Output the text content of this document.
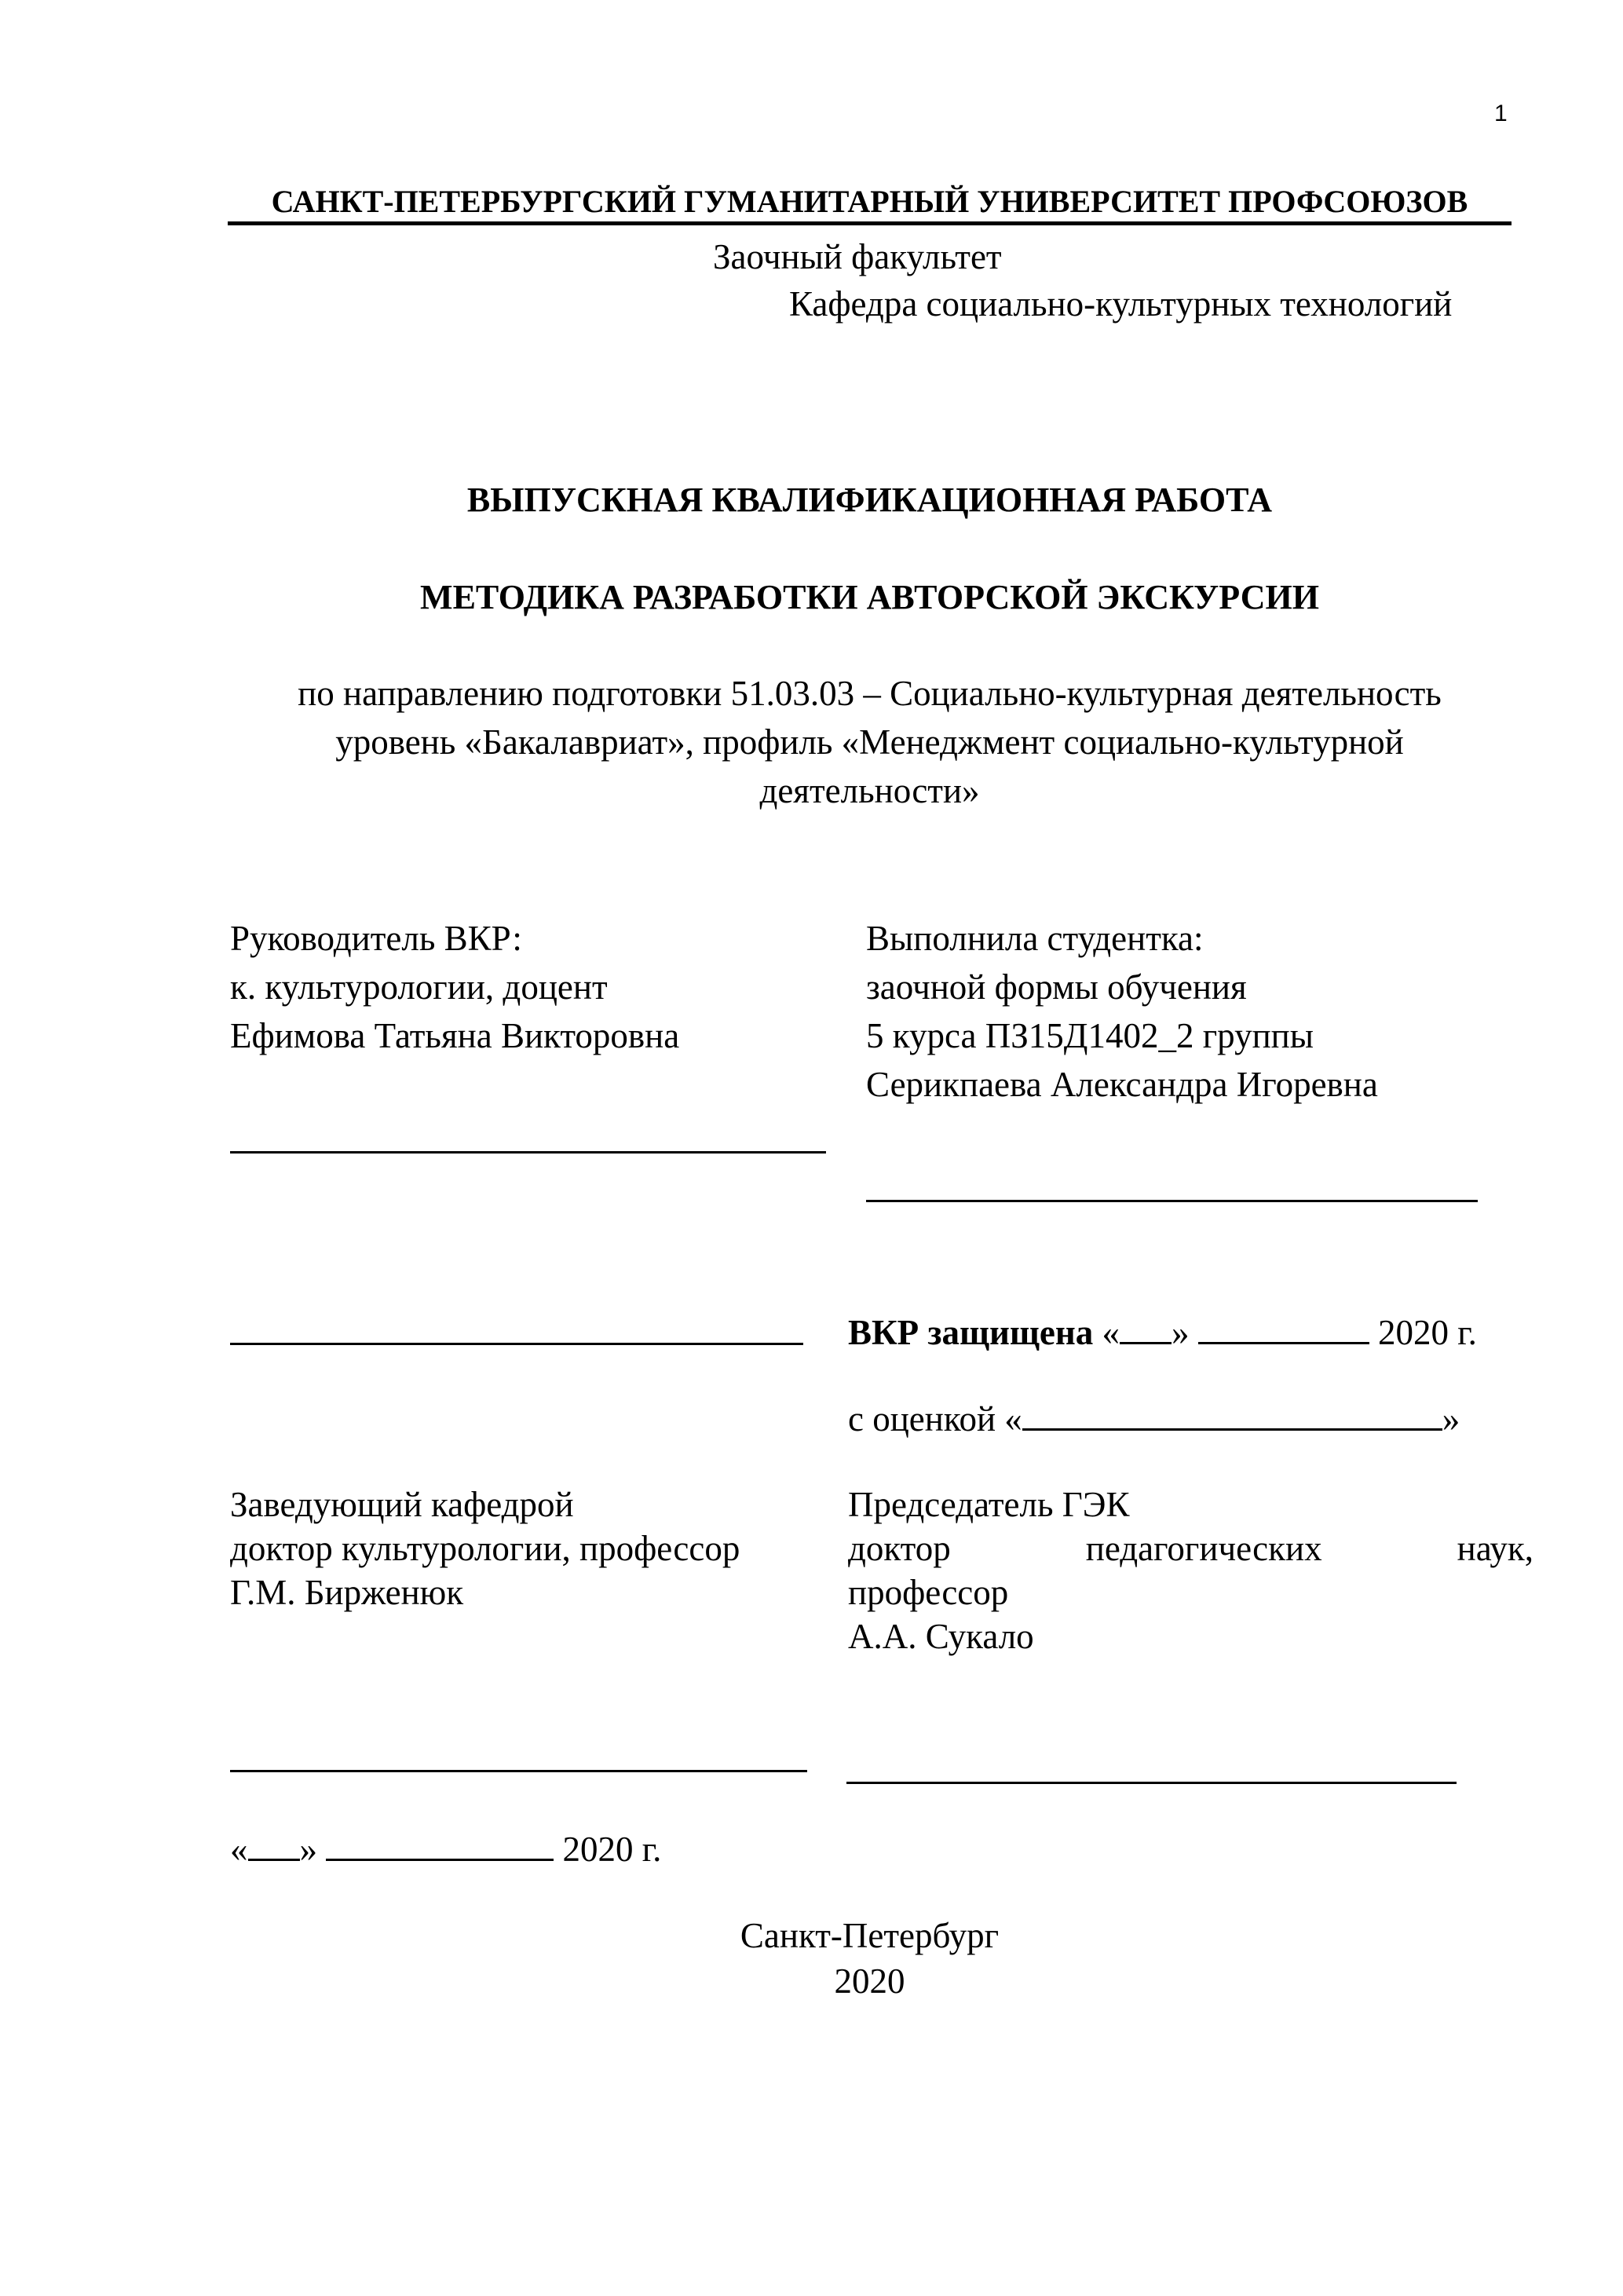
1
САНКТ-ПЕТЕРБУРГСКИЙ ГУМАНИТАРНЫЙ УНИВЕРСИТЕТ ПРОФСОЮЗОВ
Заочный факультет
Кафедра социально-культурных технологий
ВЫПУСКНАЯ КВАЛИФИКАЦИОННАЯ РАБОТА
МЕТОДИКА РАЗРАБОТКИ АВТОРСКОЙ ЭКСКУРСИИ
по направлению подготовки 51.03.03 – Социально-культурная деятельность
уровень «Бакалавриат», профиль «Менеджмент социально-культурной
деятельности»
Руководитель ВКР:
к. культурологии, доцент
Ефимова Татьяна Викторовна
Выполнила студентка:
заочной формы обучения
5 курса ПЗ15Д1402_2 группы
Серикпаева Александра Игоревна
ВКР защищена « »	2020 г.
с оценкой «	»
Заведующий кафедрой
доктор культурологии, профессор
Г.М. Бирженюк
Председатель ГЭК
доктор	педагогических	наук,
профессор
А.А. Сукало
« »	2020 г.
Санкт-Петербург
2020
